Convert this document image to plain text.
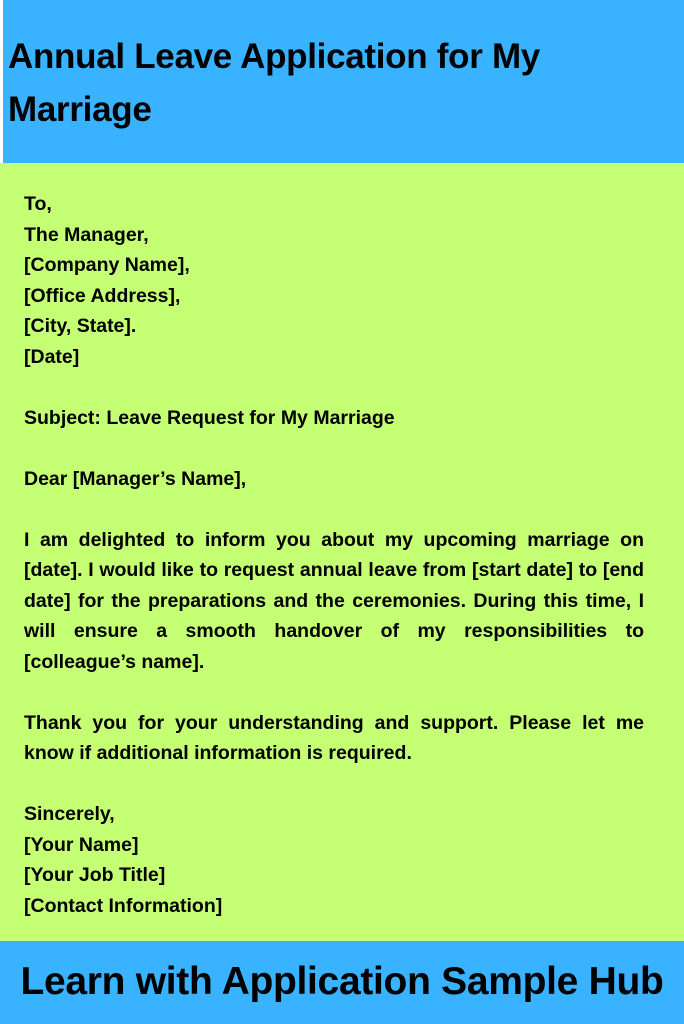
Annual Leave Application for My Marriage

To,
The Manager,
[Company Name],
[Office Address],
[City, State].
[Date]

Subject: Leave Request for My Marriage

Dear [Manager’s Name],

I am delighted to inform you about my upcoming marriage on [date]. I would like to request annual leave from [start date] to [end date] for the preparations and the ceremonies. During this time, I will ensure a smooth handover of my responsibilities to [colleague’s name].

Thank you for your understanding and support. Please let me know if additional information is required.

Sincerely,
[Your Name]
[Your Job Title]
[Contact Information]

Learn with Application Sample Hub
